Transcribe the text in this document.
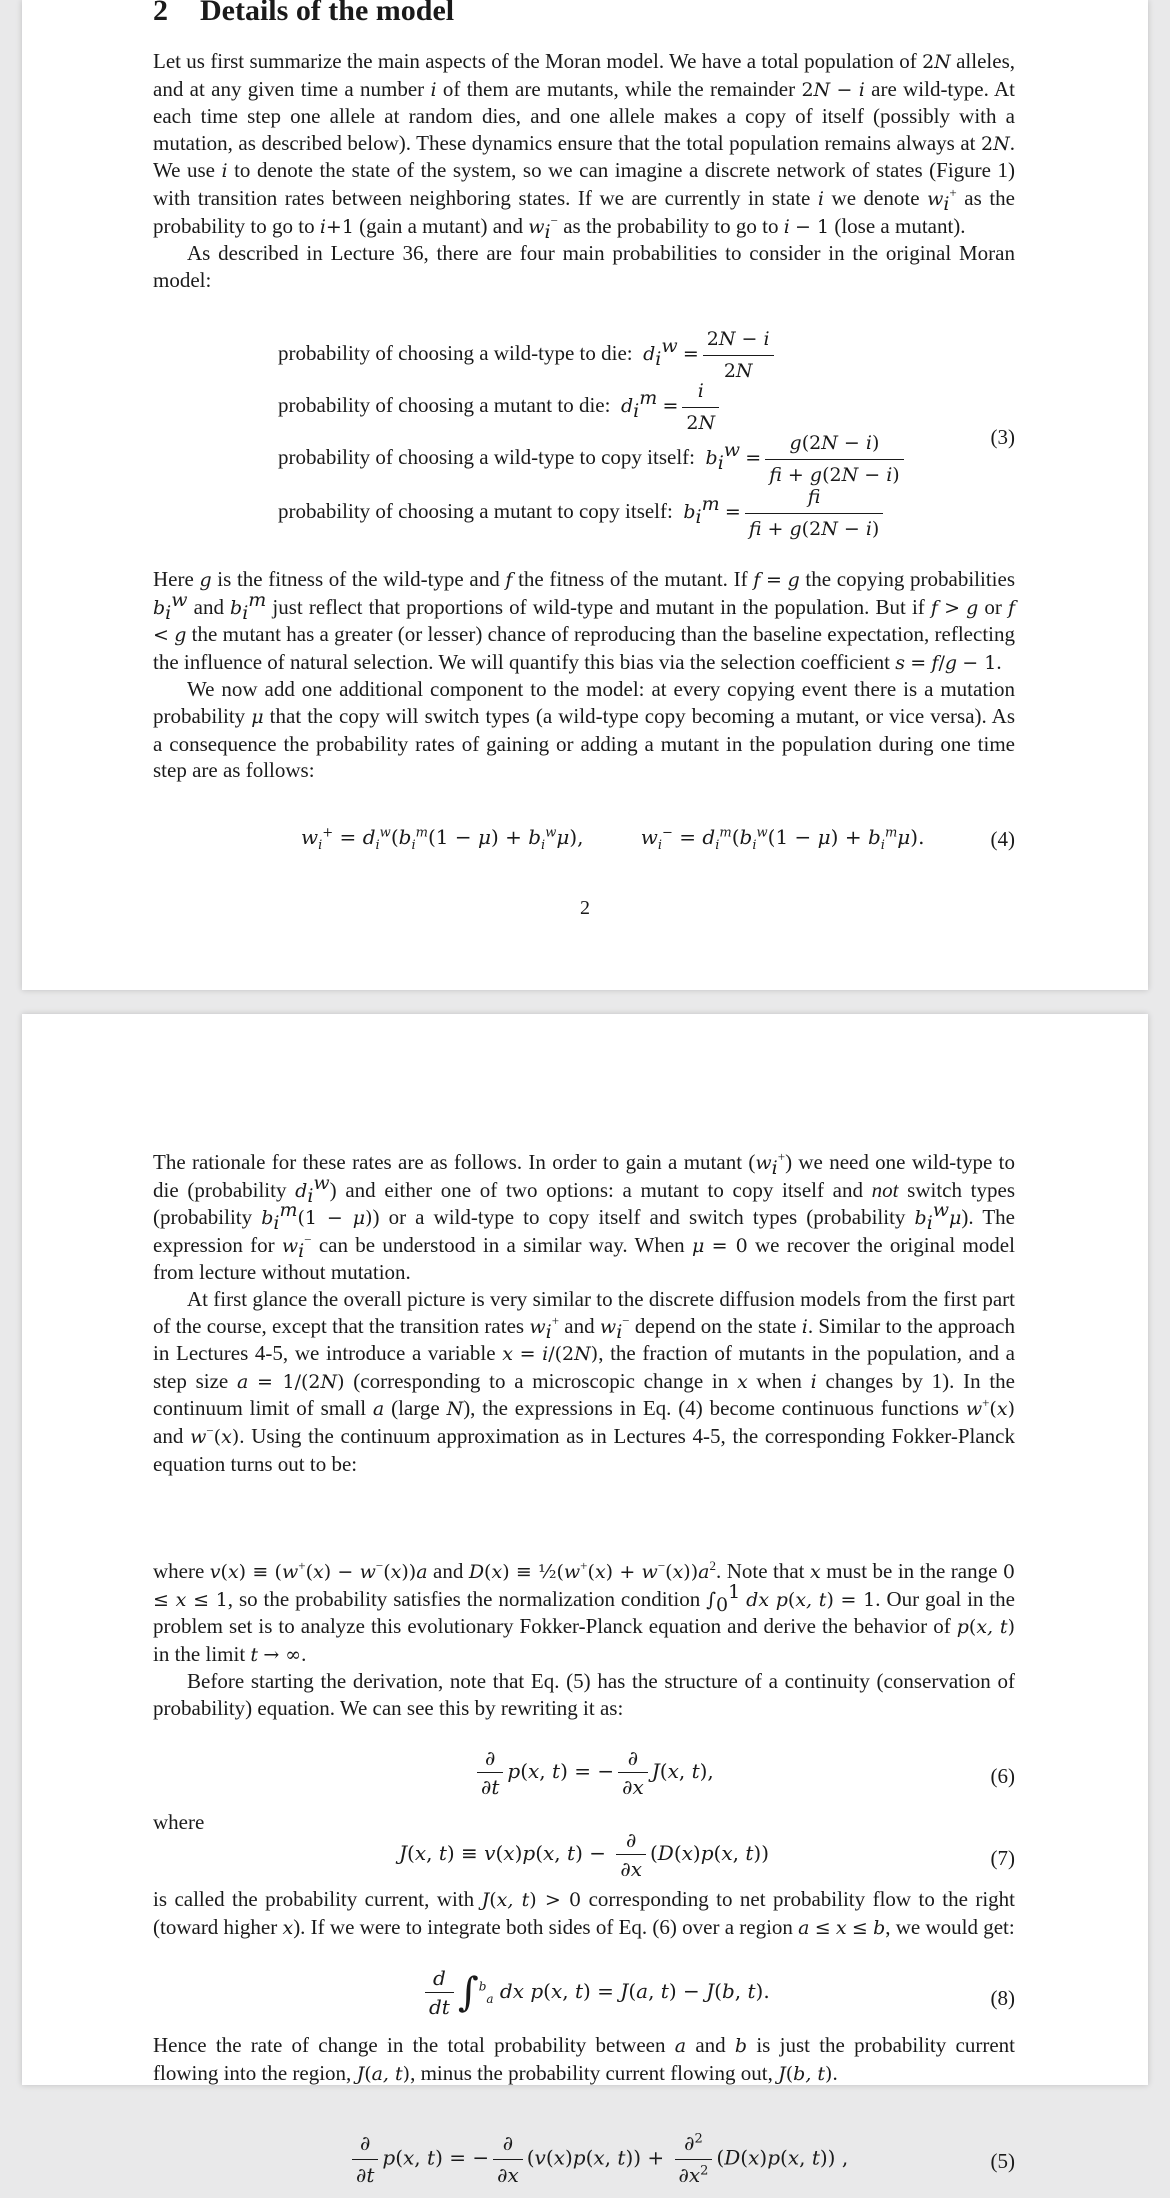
2 Details of the model

Let us first summarize the main aspects of the Moran model. We have a total population of 2N alleles, and at any given time a number i of them are mutants, while the remainder 2N − i are wild-type. At each time step one allele at random dies, and one allele makes a copy of itself (possibly with a mutation, as described below). These dynamics ensure that the total population remains always at 2N. We use i to denote the state of the system, so we can imagine a discrete network of states (Figure 1) with transition rates between neighboring states. If we are currently in state i we denote $w_i^+$ as the probability to go to i+1 (gain a mutant) and $w_i^-$ as the probability to go to i − 1 (lose a mutant).

As described in Lecture 36, there are four main probabilities to consider in the original Moran model:

probability of choosing a wild-type to die:  $d_i^w = \frac{2N - i}{2N}$
probability of choosing a mutant to die:  $d_i^m = \frac{i}{2N}$
probability of choosing a wild-type to copy itself:  $b_i^w = \frac{g(2N - i)}{fi + g(2N - i)}$
probability of choosing a mutant to copy itself:  $b_i^m = \frac{fi}{fi + g(2N - i)}$
(3)

Here g is the fitness of the wild-type and f the fitness of the mutant. If f = g the copying probabilities $b_i^w$ and $b_i^m$ just reflect that proportions of wild-type and mutant in the population. But if f > g or f < g the mutant has a greater (or lesser) chance of reproducing than the baseline expectation, reflecting the influence of natural selection. We will quantify this bias via the selection coefficient s = f/g − 1.

We now add one additional component to the model: at every copying event there is a mutation probability μ that the copy will switch types (a wild-type copy becoming a mutant, or vice versa). As a consequence the probability rates of gaining or adding a mutant in the population during one time step are as follows:

$w_i^+ = d_i^w(b_i^m(1 - \mu) + b_i^w\mu)$,         $w_i^- = d_i^m(b_i^w(1 - \mu) + b_i^m\mu)$.	(4)
2

The rationale for these rates are as follows. In order to gain a mutant $(w_i^+)$ we need one wild-type to die (probability $d_i^w$) and either one of two options: a mutant to copy itself and not switch types (probability $b_i^m(1 - \mu)$) or a wild-type to copy itself and switch types (probability $b_i^w\mu$). The expression for $w_i^-$ can be understood in a similar way. When μ = 0 we recover the original model from lecture without mutation.

At first glance the overall picture is very similar to the discrete diffusion models from the first part of the course, except that the transition rates $w_i^+$ and $w_i^-$ depend on the state i. Similar to the approach in Lectures 4-5, we introduce a variable x = i/(2N), the fraction of mutants in the population, and a step size a = 1/(2N) (corresponding to a microscopic change in x when i changes by 1). In the continuum limit of small a (large N), the expressions in Eq. (4) become continuous functions w+(x) and w−(x). Using the continuum approximation as in Lectures 4-5, the corresponding Fokker-Planck equation turns out to be:

$\frac{\partial}{\partial t} p(x$, t) = − $\frac{\partial}{\partial x} (v(x)p(x$, $t)) + \frac{\partial^2}{\partial x^2} (D(x)p(x$, t)) ,	(5)

where v(x) ≡ (w+(x) − w−(x))a and D(x) ≡ ½(w+(x) + $w^-(x))a^2$. Note that x must be in the range 0 ≤ x ≤ 1, so the probability satisfies the normalization condition $\int_0^1$ dx p(x, t) = 1. Our goal in the problem set is to analyze this evolutionary Fokker-Planck equation and derive the behavior of p(x, t) in the limit t → ∞.

Before starting the derivation, note that Eq. (5) has the structure of a continuity (conservation of probability) equation. We can see this by rewriting it as:

$\frac{\partial}{\partial t} p(x$, t) = − $\frac{\partial}{\partial x} J(x$, t),	(6)
where
J(x, t) ≡ v(x)p(x, $t) - \frac{\partial}{\partial x} (D(x)p(x$, t))	(7)

is called the probability current, with J(x, t) > 0 corresponding to net probability flow to the right (toward higher x). If we were to integrate both sides of Eq. (6) over a region a ≤ x ≤ b, we would get:

$\frac{d}{dt} \int^b_a$ dx p(x, t) = J(a, t) − J(b, t).	(8)

Hence the rate of change in the total probability between a and b is just the probability current flowing into the region, J(a, t), minus the probability current flowing out, J(b, t).
